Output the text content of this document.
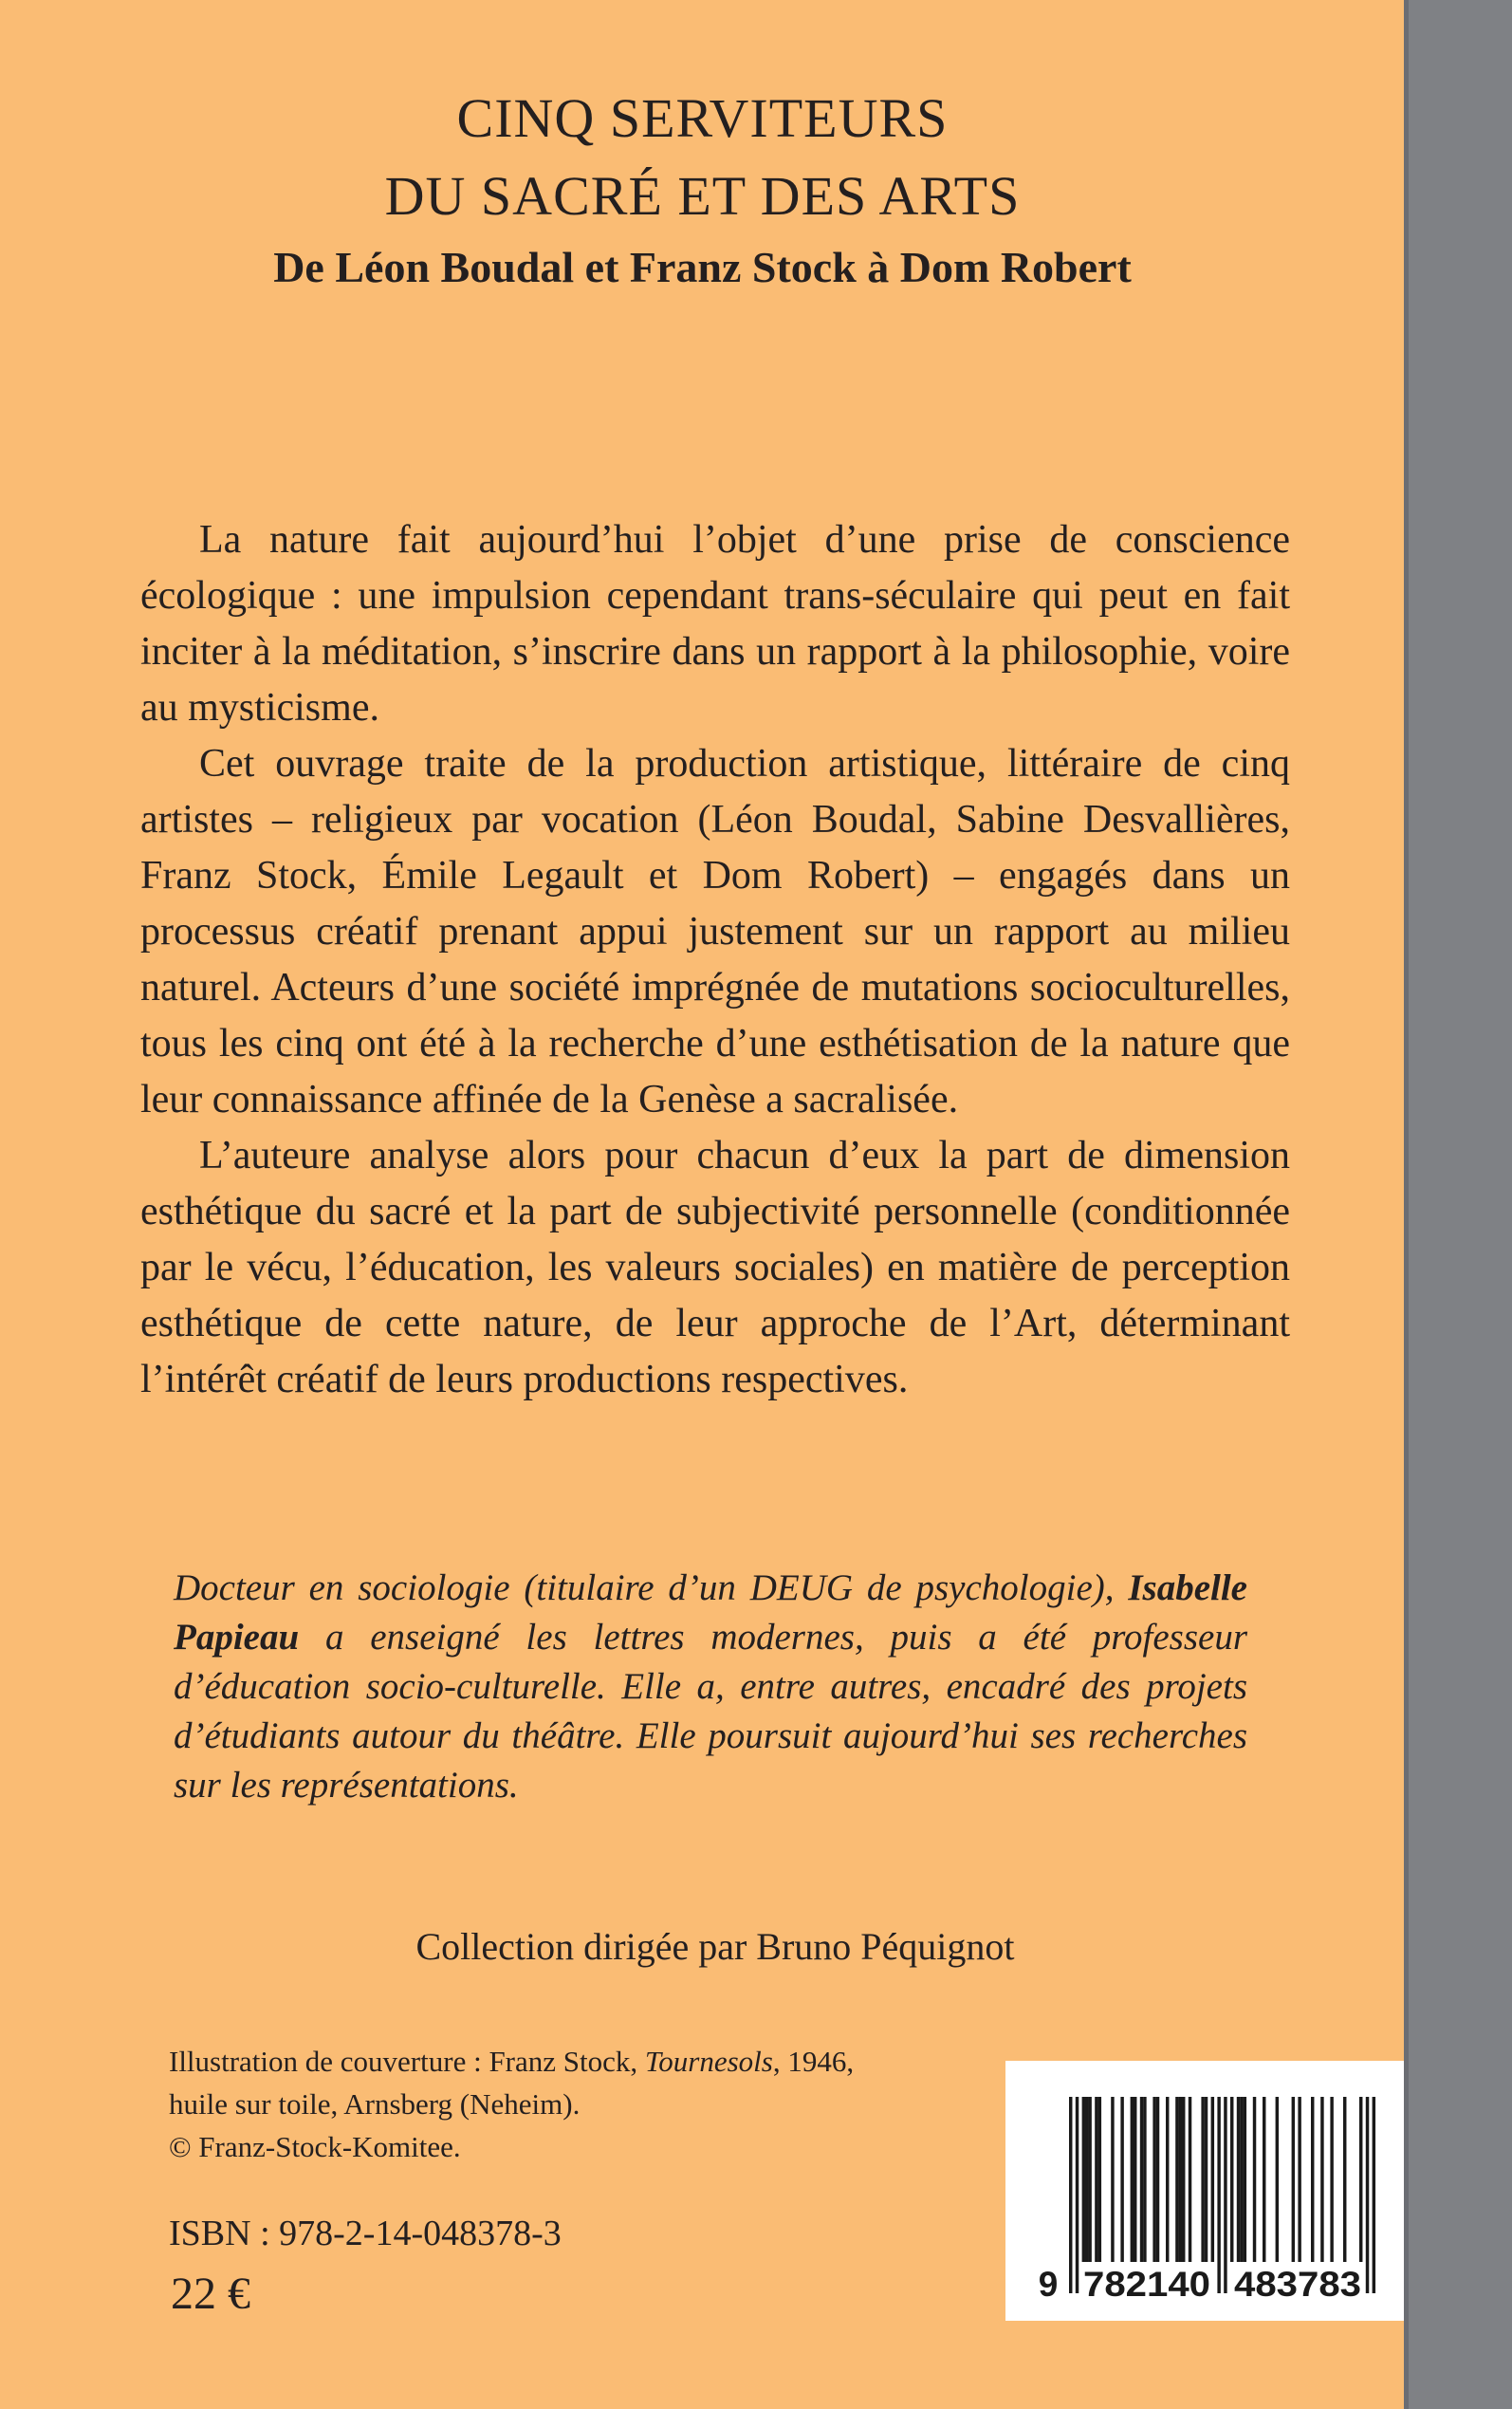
CINQ SERVITEURS
DU SACRÉ ET DES ARTS
De Léon Boudal et Franz Stock à Dom Robert

La nature fait aujourd’hui l’objet d’une prise de conscience écologique : une impulsion cependant trans-séculaire qui peut en fait inciter à la méditation, s’inscrire dans un rapport à la philosophie, voire au mysticisme.

Cet ouvrage traite de la production artistique, littéraire de cinq artistes – religieux par vocation (Léon Boudal, Sabine Desvallières, Franz Stock, Émile Legault et Dom Robert) – engagés dans un processus créatif prenant appui justement sur un rapport au milieu naturel. Acteurs d’une société imprégnée de mutations socioculturelles, tous les cinq ont été à la recherche d’une esthétisation de la nature que leur connaissance affinée de la Genèse a sacralisée.

L’auteure analyse alors pour chacun d’eux la part de dimension esthétique du sacré et la part de subjectivité personnelle (conditionnée par le vécu, l’éducation, les valeurs sociales) en matière de perception esthétique de cette nature, de leur approche de l’Art, déterminant l’intérêt créatif de leurs productions respectives.

Docteur en sociologie (titulaire d’un DEUG de psychologie), Isabelle Papieau a enseigné les lettres modernes, puis a été professeur d’éducation socio-culturelle. Elle a, entre autres, encadré des projets d’étudiants autour du théâtre. Elle poursuit aujourd’hui ses recherches sur les représentations.
Collection dirigée par Bruno Péquignot
Illustration de couverture : Franz Stock, Tournesols, 1946,
huile sur toile, Arnsberg (Neheim).
© Franz-Stock-Komitee.
ISBN : 978-2-14-048378-3
22 €	9 782140 483783
